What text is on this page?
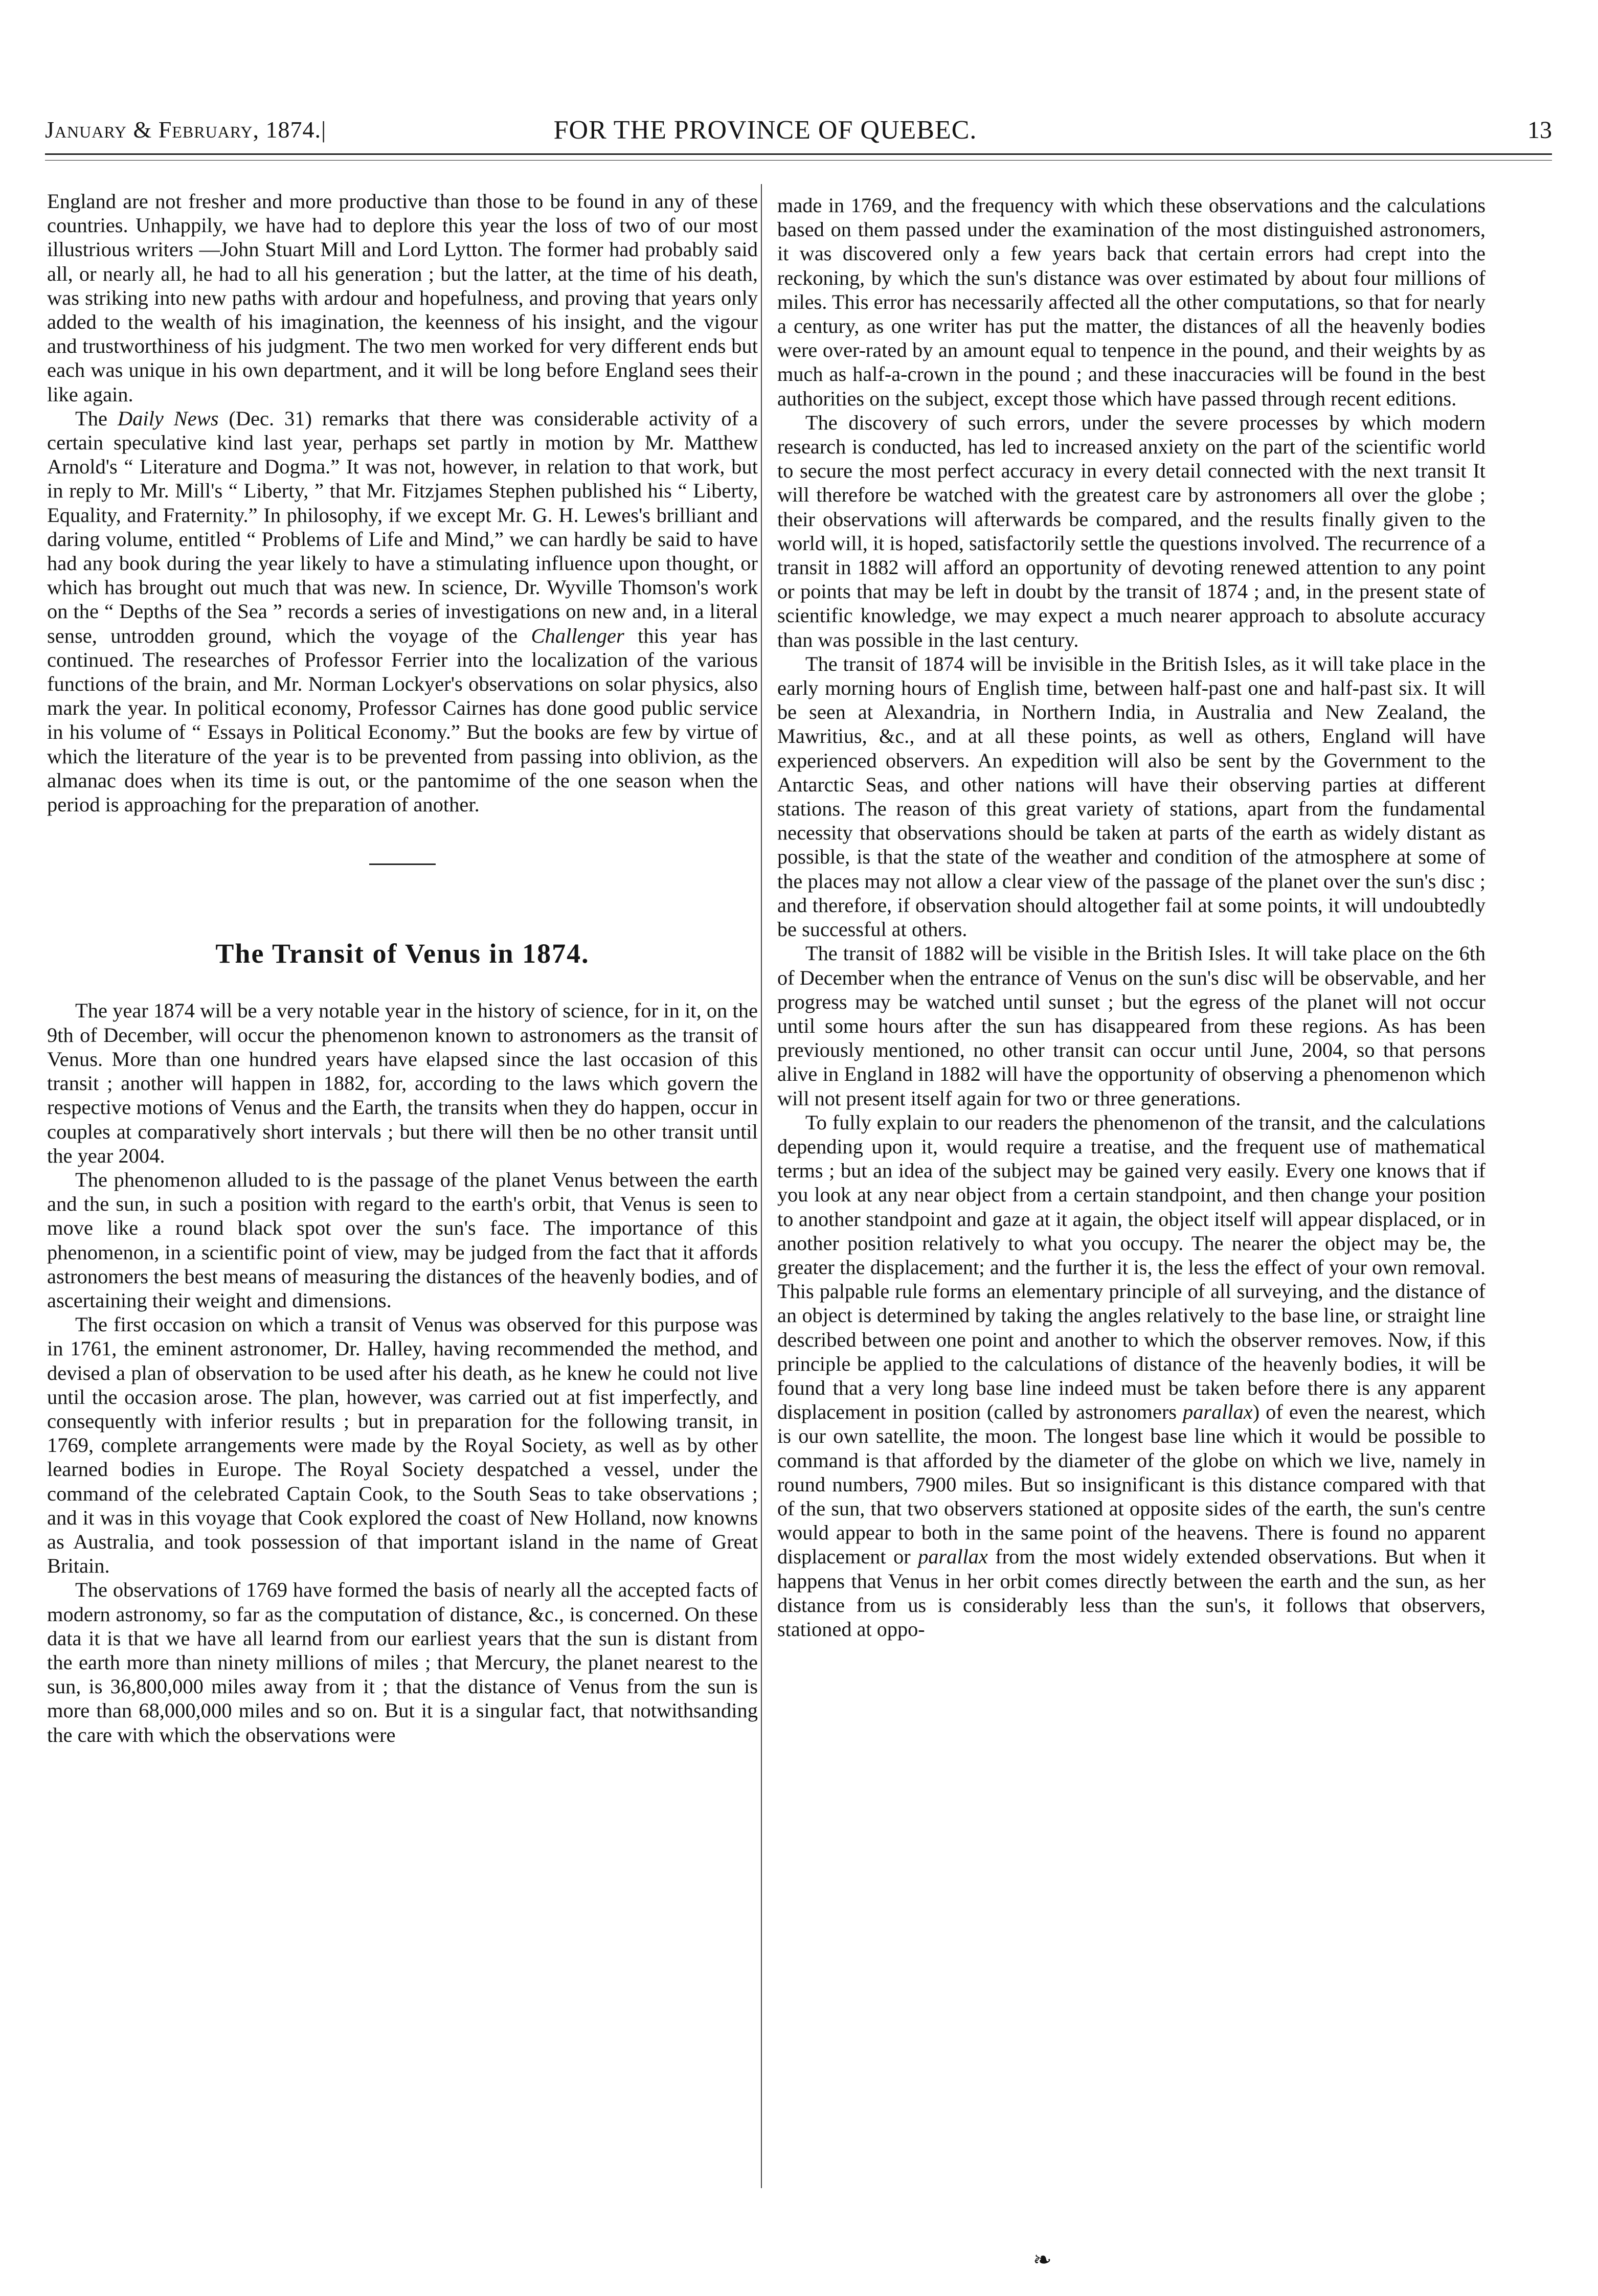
January & February, 1874.|	FOR THE PROVINCE OF QUEBEC.	13

England are not fresher and more productive than those to be found in any of these countries. Unhappily, we have had to deplore this year the loss of two of our most illustrious writers —John Stuart Mill and Lord Lytton. The former had probably said all, or nearly all, he had to all his generation ; but the latter, at the time of his death, was striking into new paths with ardour and hopefulness, and proving that years only added to the wealth of his imagination, the keenness of his insight, and the vigour and trustworthiness of his judgment. The two men worked for very different ends but each was unique in his own department, and it will be long before England sees their like again.

The Daily News (Dec. 31) remarks that there was considerable activity of a certain speculative kind last year, perhaps set partly in motion by Mr. Matthew Arnold's “ Literature and Dogma.” It was not, however, in relation to that work, but in reply to Mr. Mill's “ Liberty, ” that Mr. Fitzjames Stephen published his “ Liberty, Equality, and Fraternity.” In philosophy, if we except Mr. G. H. Lewes's brilliant and daring volume, entitled “ Problems of Life and Mind,” we can hardly be said to have had any book during the year likely to have a stimulating influence upon thought, or which has brought out much that was new. In science, Dr. Wyville Thomson's work on the “ Depths of the Sea ” records a series of investigations on new and, in a literal sense, untrodden ground, which the voyage of the Challenger this year has continued. The researches of Professor Ferrier into the localization of the various functions of the brain, and Mr. Norman Lockyer's observations on solar physics, also mark the year. In political economy, Professor Cairnes has done good public service in his volume of “ Essays in Political Economy.” But the books are few by virtue of which the literature of the year is to be prevented from passing into oblivion, as the almanac does when its time is out, or the pantomime of the one season when the period is approaching for the preparation of another.

The Transit of Venus in 1874.

The year 1874 will be a very notable year in the history of science, for in it, on the 9th of December, will occur the phenomenon known to astronomers as the transit of Venus. More than one hundred years have elapsed since the last occasion of this transit ; another will happen in 1882, for, according to the laws which govern the respective motions of Venus and the Earth, the transits when they do happen, occur in couples at comparatively short intervals ; but there will then be no other transit until the year 2004.

The phenomenon alluded to is the passage of the planet Venus between the earth and the sun, in such a position with regard to the earth's orbit, that Venus is seen to move like a round black spot over the sun's face. The importance of this phenomenon, in a scientific point of view, may be judged from the fact that it affords astronomers the best means of measuring the distances of the heavenly bodies, and of ascertaining their weight and dimensions.

The first occasion on which a transit of Venus was observed for this purpose was in 1761, the eminent astronomer, Dr. Halley, having recommended the method, and devised a plan of observation to be used after his death, as he knew he could not live until the occasion arose. The plan, however, was carried out at fist imperfectly, and consequently with inferior results ; but in preparation for the following transit, in 1769, complete arrangements were made by the Royal Society, as well as by other learned bodies in Europe. The Royal Society despatched a vessel, under the command of the celebrated Captain Cook, to the South Seas to take observations ; and it was in this voyage that Cook explored the coast of New Holland, now knowns as Australia, and took possession of that important island in the name of Great Britain.

The observations of 1769 have formed the basis of nearly all the accepted facts of modern astronomy, so far as the computation of distance, &c., is concerned. On these data it is that we have all learnd from our earliest years that the sun is distant from the earth more than ninety millions of miles ; that Mercury, the planet nearest to the sun, is 36,800,000 miles away from it ; that the distance of Venus from the sun is more than 68,000,000 miles and so on. But it is a singular fact, that notwithsanding the care with which the observations were

made in 1769, and the frequency with which these observations and the calculations based on them passed under the examination of the most distinguished astronomers, it was discovered only a few years back that certain errors had crept into the reckoning, by which the sun's distance was over estimated by about four millions of miles. This error has necessarily affected all the other computations, so that for nearly a century, as one writer has put the matter, the distances of all the heavenly bodies were over-rated by an amount equal to tenpence in the pound, and their weights by as much as half-a-crown in the pound ; and these inaccuracies will be found in the best authorities on the subject, except those which have passed through recent editions.

The discovery of such errors, under the severe processes by which modern research is conducted, has led to increased anxiety on the part of the scientific world to secure the most perfect accuracy in every detail connected with the next transit It will therefore be watched with the greatest care by astronomers all over the globe ; their observations will afterwards be compared, and the results finally given to the world will, it is hoped, satisfactorily settle the questions involved. The recurrence of a transit in 1882 will afford an opportunity of devoting renewed attention to any point or points that may be left in doubt by the transit of 1874 ; and, in the present state of scientific knowledge, we may expect a much nearer approach to absolute accuracy than was possible in the last century.

The transit of 1874 will be invisible in the British Isles, as it will take place in the early morning hours of English time, between half-past one and half-past six. It will be seen at Alexandria, in Northern India, in Australia and New Zealand, the Mawritius, &c., and at all these points, as well as others, England will have experienced observers. An expedition will also be sent by the Government to the Antarctic Seas, and other nations will have their observing parties at different stations. The reason of this great variety of stations, apart from the fundamental necessity that observations should be taken at parts of the earth as widely distant as possible, is that the state of the weather and condition of the atmosphere at some of the places may not allow a clear view of the passage of the planet over the sun's disc ; and therefore, if observation should altogether fail at some points, it will undoubtedly be successful at others.

The transit of 1882 will be visible in the British Isles. It will take place on the 6th of December when the entrance of Venus on the sun's disc will be observable, and her progress may be watched until sunset ; but the egress of the planet will not occur until some hours after the sun has disappeared from these regions. As has been previously mentioned, no other transit can occur until June, 2004, so that persons alive in England in 1882 will have the opportunity of observing a phenomenon which will not present itself again for two or three generations.

To fully explain to our readers the phenomenon of the transit, and the calculations depending upon it, would require a treatise, and the frequent use of mathematical terms ; but an idea of the subject may be gained very easily. Every one knows that if you look at any near object from a certain standpoint, and then change your position to another standpoint and gaze at it again, the object itself will appear displaced, or in another position relatively to what you occupy. The nearer the object may be, the greater the displacement; and the further it is, the less the effect of your own removal. This palpable rule forms an elementary principle of all surveying, and the distance of an object is determined by taking the angles relatively to the base line, or straight line described between one point and another to which the observer removes. Now, if this principle be applied to the calculations of distance of the heavenly bodies, it will be found that a very long base line indeed must be taken before there is any apparent displacement in position (called by astronomers parallax) of even the nearest, which is our own satellite, the moon. The longest base line which it would be possible to command is that afforded by the diameter of the globe on which we live, namely in round numbers, 7900 miles. But so insignificant is this distance compared with that of the sun, that two observers stationed at opposite sides of the earth, the sun's centre would appear to both in the same point of the heavens. There is found no apparent displacement or parallax from the most widely extended observations. But when it happens that Venus in her orbit comes directly between the earth and the sun, as her distance from us is considerably less than the sun's, it follows that observers, stationed at oppo-

❧
